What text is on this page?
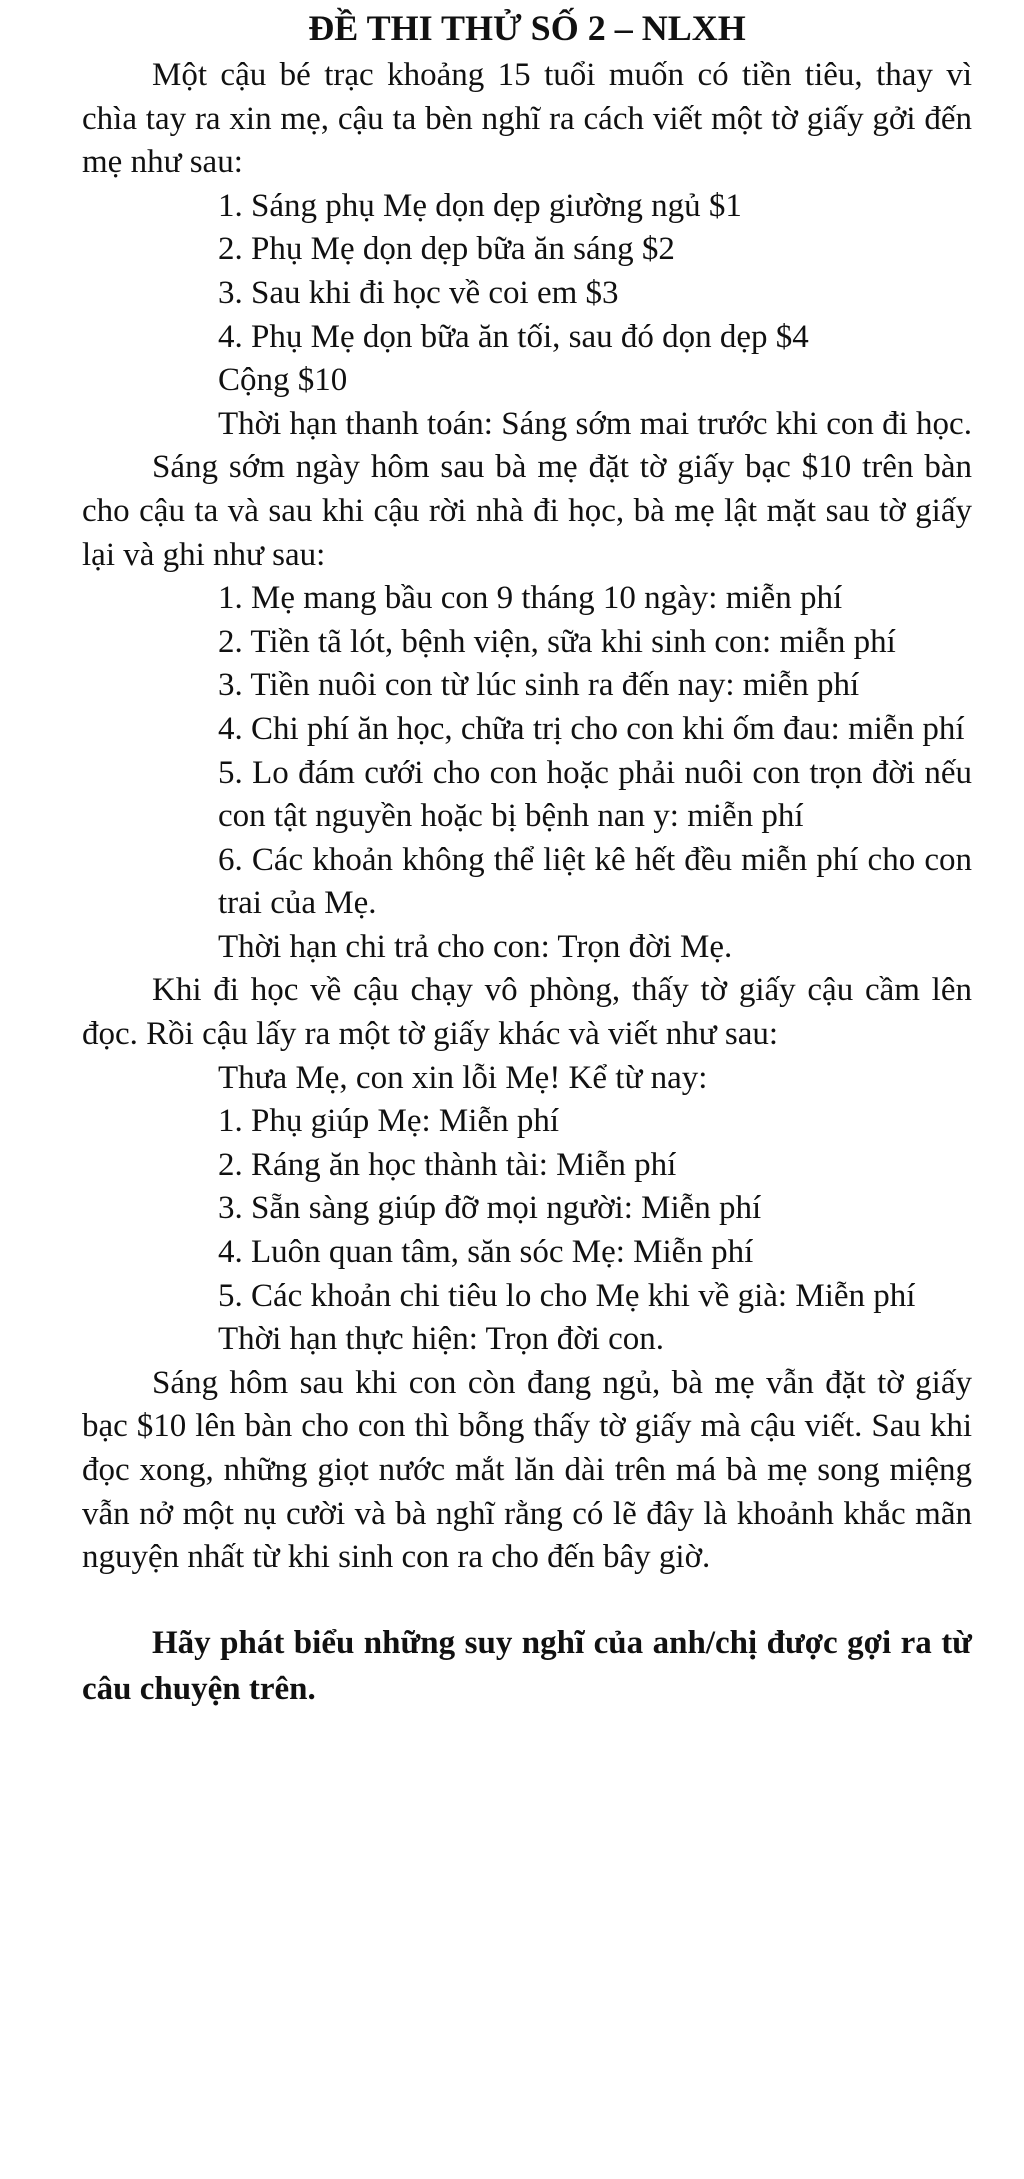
ĐỀ THI THỬ SỐ 2 – NLXH
Một cậu bé trạc khoảng 15 tuổi muốn có tiền tiêu, thay vì chìa tay ra xin mẹ, cậu ta bèn nghĩ ra cách viết một tờ giấy gởi đến mẹ như sau:
1. Sáng phụ Mẹ dọn dẹp giường ngủ $1
2. Phụ Mẹ dọn dẹp bữa ăn sáng $2
3. Sau khi đi học về coi em $3
4. Phụ Mẹ dọn bữa ăn tối, sau đó dọn dẹp $4
Cộng $10
Thời hạn thanh toán: Sáng sớm mai trước khi con đi học.
Sáng sớm ngày hôm sau bà mẹ đặt tờ giấy bạc $10 trên bàn cho cậu ta và sau khi cậu rời nhà đi học, bà mẹ lật mặt sau tờ giấy lại và ghi như sau:
1. Mẹ mang bầu con 9 tháng 10 ngày: miễn phí
2. Tiền tã lót, bệnh viện, sữa khi sinh con: miễn phí
3. Tiền nuôi con từ lúc sinh ra đến nay: miễn phí
4. Chi phí ăn học, chữa trị cho con khi ốm đau: miễn phí
5. Lo đám cưới cho con hoặc phải nuôi con trọn đời nếu con tật nguyền hoặc bị bệnh nan y: miễn phí
6. Các khoản không thể liệt kê hết đều miễn phí cho con trai của Mẹ.
Thời hạn chi trả cho con: Trọn đời Mẹ.
Khi đi học về cậu chạy vô phòng, thấy tờ giấy cậu cầm lên đọc. Rồi cậu lấy ra một tờ giấy khác và viết như sau:
Thưa Mẹ, con xin lỗi Mẹ! Kể từ nay:
1. Phụ giúp Mẹ: Miễn phí
2. Ráng ăn học thành tài: Miễn phí
3. Sẵn sàng giúp đỡ mọi người: Miễn phí
4. Luôn quan tâm, săn sóc Mẹ: Miễn phí
5. Các khoản chi tiêu lo cho Mẹ khi về già: Miễn phí
Thời hạn thực hiện: Trọn đời con.
Sáng hôm sau khi con còn đang ngủ, bà mẹ vẫn đặt tờ giấy bạc $10 lên bàn cho con thì bỗng thấy tờ giấy mà cậu viết. Sau khi đọc xong, những giọt nước mắt lăn dài trên má bà mẹ song miệng vẫn nở một nụ cười và bà nghĩ rằng có lẽ đây là khoảnh khắc mãn nguyện nhất từ khi sinh con ra cho đến bây giờ.
Hãy phát biểu những suy nghĩ của anh/chị được gợi ra từ câu chuyện trên.
